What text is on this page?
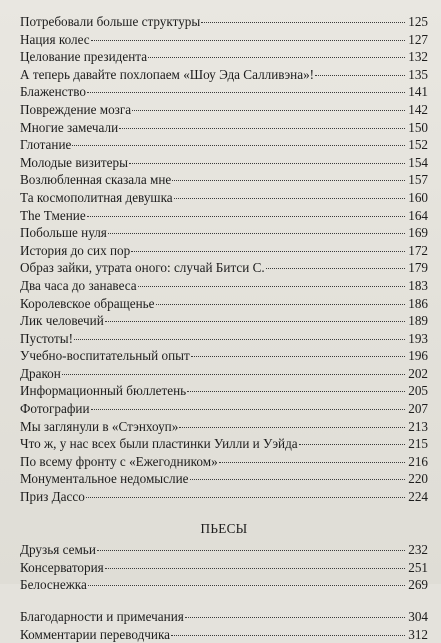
Потребовали больше структуры	125
Нация колес	127
Целование президента	132
А теперь давайте похлопаем «Шоу Эда Салливэна»!	135
Блаженство	141
Повреждение мозга	142
Многие замечали	150
Глотание	152
Молодые визитеры	154
Возлюбленная сказала мне	157
Та космополитная девушка	160
The Тмение	164
Побольше нуля	169
История до сих пор	172
Образ зайки, утрата оного: случай Битси С.	179
Два часа до занавеса	183
Королевское обращенье	186
Лик человечий	189
Пустоты!	193
Учебно-воспитательный опыт	196
Дракон	202
Информационный бюллетень	205
Фотографии	207
Мы заглянули в «Стэнхоуп»	213
Что ж, у нас всех были пластинки Уилли и Уэйда	215
По всему фронту с «Ежегодником»	216
Монументальное недомыслие	220
Приз Дассо	224
ПЬЕСЫ
Друзья семьи	232
Консерватория	251
Белоснежка	269
Благодарности и примечания	304
Комментарии переводчика	312
